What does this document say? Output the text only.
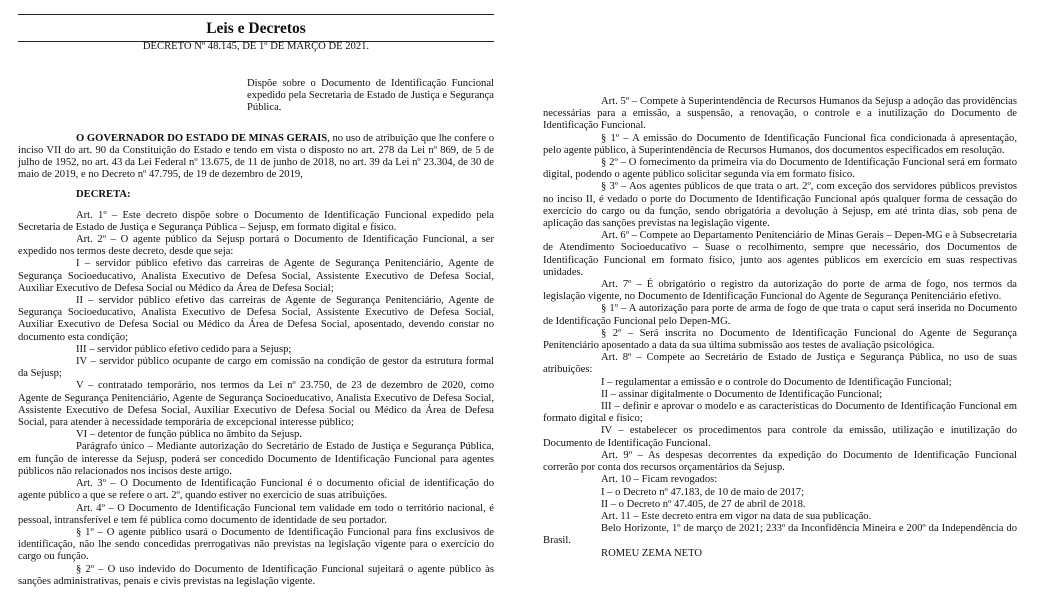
Leis e Decretos
DECRETO Nº 48.145, DE 1º DE MARÇO DE 2021.

Dispõe sobre o Documento de Identificação Funcional expedido pela Secretaria de Estado de Justiça e Segurança Pública.

O GOVERNADOR DO ESTADO DE MINAS GERAIS, no uso de atribuição que lhe confere o inciso VII do art. 90 da Constituição do Estado e tendo em vista o disposto no art. 278 da Lei nº 869, de 5 de julho de 1952, no art. 43 da Lei Federal nº 13.675, de 11 de junho de 2018, no art. 39 da Lei nº 23.304, de 30 de maio de 2019, e no Decreto nº 47.795, de 19 de dezembro de 2019,

DECRETA:

Art. 1º – Este decreto dispõe sobre o Documento de Identificação Funcional expedido pela Secretaria de Estado de Justiça e Segurança Pública – Sejusp, em formato digital e físico.

Art. 2º – O agente público da Sejusp portará o Documento de Identificação Funcional, a ser expedido nos termos deste decreto, desde que seja:

I – servidor público efetivo das carreiras de Agente de Segurança Penitenciário, Agente de Segurança Socioeducativo, Analista Executivo de Defesa Social, Assistente Executivo de Defesa Social, Auxiliar Executivo de Defesa Social ou Médico da Área de Defesa Social;

II – servidor público efetivo das carreiras de Agente de Segurança Penitenciário, Agente de Segurança Socioeducativo, Analista Executivo de Defesa Social, Assistente Executivo de Defesa Social, Auxiliar Executivo de Defesa Social ou Médico da Área de Defesa Social, aposentado, devendo constar no documento esta condição;

III – servidor público efetivo cedido para a Sejusp;

IV – servidor público ocupante de cargo em comissão na condição de gestor da estrutura formal da Sejusp;

V – contratado temporário, nos termos da Lei nº 23.750, de 23 de dezembro de 2020, como Agente de Segurança Penitenciário, Agente de Segurança Socioeducativo, Analista Executivo de Defesa Social, Assistente Executivo de Defesa Social, Auxiliar Executivo de Defesa Social ou Médico da Área de Defesa Social, para atender à necessidade temporária de excepcional interesse público;

VI – detentor de função pública no âmbito da Sejusp.

Parágrafo único – Mediante autorização do Secretário de Estado de Justiça e Segurança Pública, em função de interesse da Sejusp, poderá ser concedido Documento de Identificação Funcional para agentes públicos não relacionados nos incisos deste artigo.

Art. 3º – O Documento de Identificação Funcional é o documento oficial de identificação do agente público a que se refere o art. 2º, quando estiver no exercício de suas atribuições.

Art. 4º – O Documento de Identificação Funcional tem validade em todo o território nacional, é pessoal, intransferível e tem fé pública como documento de identidade de seu portador.

§ 1º – O agente público usará o Documento de Identificação Funcional para fins exclusivos de identificação, não lhe sendo concedidas prerrogativas não previstas na legislação vigente para o exercício do cargo ou função.

§ 2º – O uso indevido do Documento de Identificação Funcional sujeitará o agente público às sanções administrativas, penais e civis previstas na legislação vigente.

Art. 5º – Compete à Superintendência de Recursos Humanos da Sejusp a adoção das providências necessárias para a emissão, a suspensão, a renovação, o controle e a inutilização do Documento de Identificação Funcional.

§ 1º – A emissão do Documento de Identificação Funcional fica condicionada à apresentação, pelo agente público, à Superintendência de Recursos Humanos, dos documentos especificados em resolução.

§ 2º – O fornecimento da primeira via do Documento de Identificação Funcional será em formato digital, podendo o agente público solicitar segunda via em formato físico.

§ 3º – Aos agentes públicos de que trata o art. 2º, com exceção dos servidores públicos previstos no inciso II, é vedado o porte do Documento de Identificação Funcional após qualquer forma de cessação do exercício do cargo ou da função, sendo obrigatória a devolução à Sejusp, em até trinta dias, sob pena de aplicação das sanções previstas na legislação vigente.

Art. 6º – Compete ao Departamento Penitenciário de Minas Gerais – Depen-MG e à Subsecretaria de Atendimento Socioeducativo – Suase o recolhimento, sempre que necessário, dos Documentos de Identificação Funcional em formato físico, junto aos agentes públicos em exercício em suas respectivas unidades.

Art. 7º – É obrigatório o registro da autorização do porte de arma de fogo, nos termos da legislação vigente, no Documento de Identificação Funcional do Agente de Segurança Penitenciário efetivo.

§ 1º – A autorização para porte de arma de fogo de que trata o caput será inserida no Documento de Identificação Funcional pelo Depen-MG.

§ 2º – Será inscrita no Documento de Identificação Funcional do Agente de Segurança Penitenciário aposentado a data da sua última submissão aos testes de avaliação psicológica.

Art. 8º – Compete ao Secretário de Estado de Justiça e Segurança Pública, no uso de suas atribuições:

I – regulamentar a emissão e o controle do Documento de Identificação Funcional;

II – assinar digitalmente o Documento de Identificação Funcional;

III – definir e aprovar o modelo e as características do Documento de Identificação Funcional em formato digital e físico;

IV – estabelecer os procedimentos para controle da emissão, utilização e inutilização do Documento de Identificação Funcional.

Art. 9º – As despesas decorrentes da expedição do Documento de Identificação Funcional correrão por conta dos recursos orçamentários da Sejusp.

Art. 10 – Ficam revogados:

I – o Decreto nº 47.183, de 10 de maio de 2017;

II – o Decreto nº 47.405, de 27 de abril de 2018.

Art. 11 – Este decreto entra em vigor na data de sua publicação.

Belo Horizonte, 1º de março de 2021; 233º da Inconfidência Mineira e 200º da Independência do Brasil.

ROMEU ZEMA NETO
